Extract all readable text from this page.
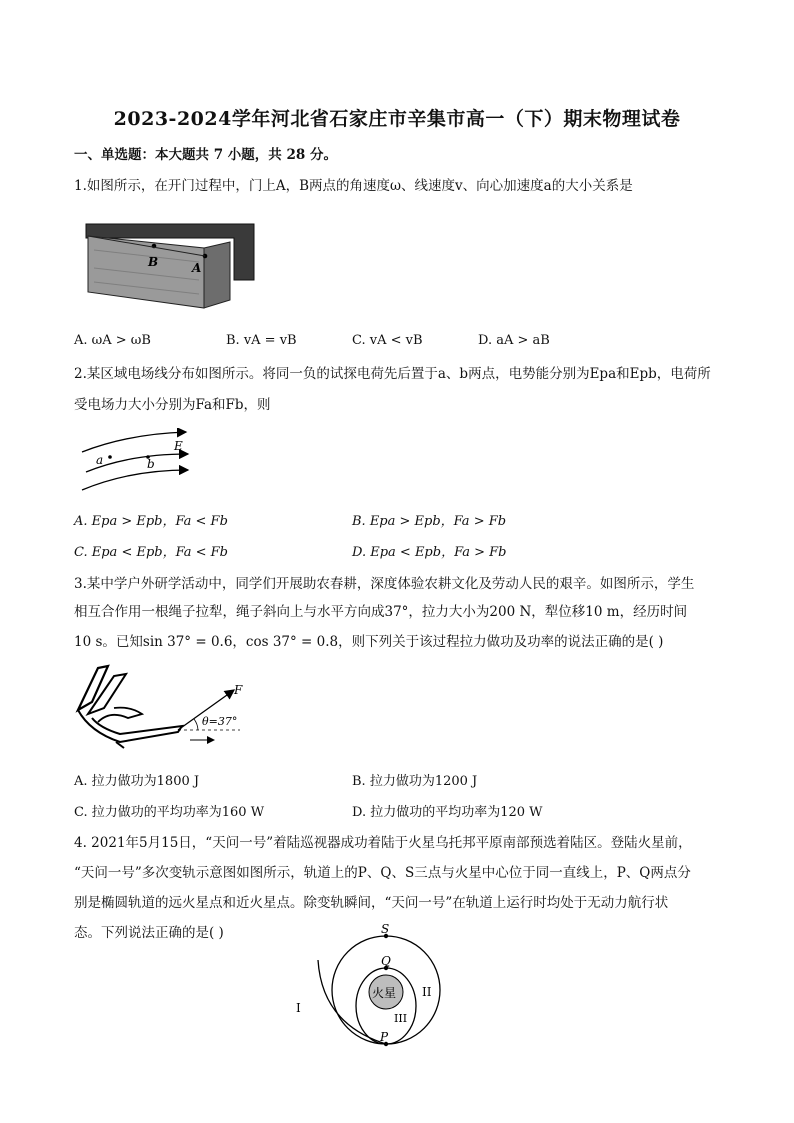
2023-2024学年河北省石家庄市辛集市高一（下）期末物理试卷
一、单选题：本大题共 7 小题，共 28 分。
1.如图所示，在开门过程中，门上A，B两点的角速度ω、线速度v、向心加速度a的大小关系是
B	A
A. ωA > ωB	B. vA = vB	C. vA < vB	D. aA > aB
2.某区域电场线分布如图所示。将同一负的试探电荷先后置于a、b两点，电势能分别为Epa和Epb，电荷所
受电场力大小分别为Fa和Fb，则
E
a	b
A. Epa > Epb，Fa < Fb	B. Epa > Epb，Fa > Fb
C. Epa < Epb，Fa < Fb	D. Epa < Epb，Fa > Fb
3.某中学户外研学活动中，同学们开展助农春耕，深度体验农耕文化及劳动人民的艰辛。如图所示，学生
相互合作用一根绳子拉犁，绳子斜向上与水平方向成37°，拉力大小为200 N，犁位移10 m，经历时间
10 s。已知sin 37° = 0.6，cos 37° = 0.8，则下列关于该过程拉力做功及功率的说法正确的是( )
F
θ=37°
A. 拉力做功为1800 J	B. 拉力做功为1200 J
C. 拉力做功的平均功率为160 W	D. 拉力做功的平均功率为120 W
4. 2021年5月15日，“天问一号”着陆巡视器成功着陆于火星乌托邦平原南部预选着陆区。登陆火星前，
“天问一号”多次变轨示意图如图所示，轨道上的P、Q、S三点与火星中心位于同一直线上，P、Q两点分
别是椭圆轨道的远火星点和近火星点。除变轨瞬间，“天问一号”在轨道上运行时均处于无动力航行状
态。下列说法正确的是( )	S
Q
P
火星
I
II
III
